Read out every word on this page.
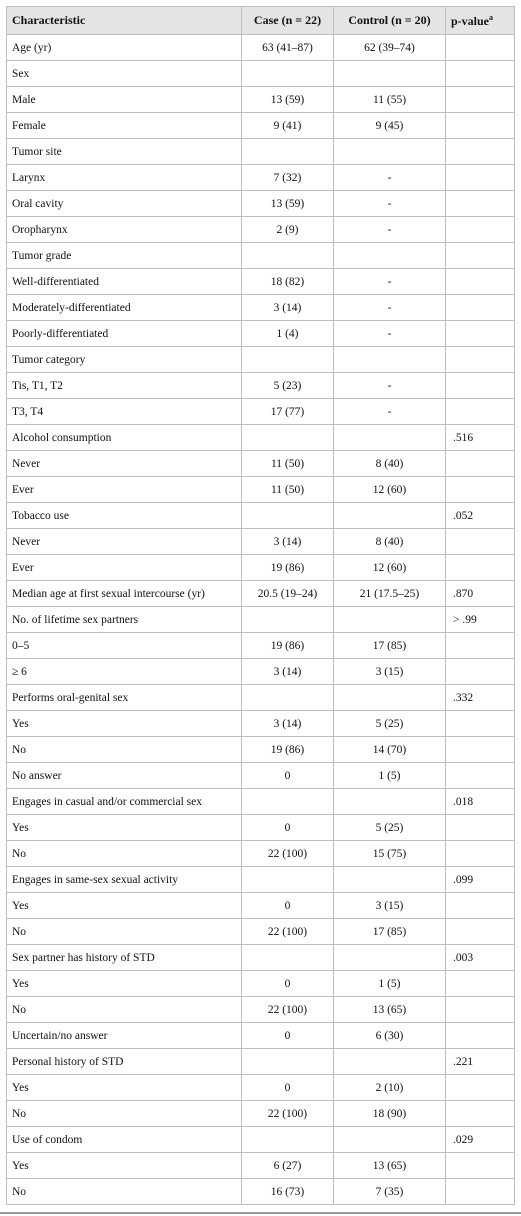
Characteristic	Case (n = 22)	Control (n = 20)	p-value$^a$
Age (yr)	63 (41–87)	62 (39–74)	
Sex			
Male	13 (59)	11 (55)	
Female	9 (41)	9 (45)	
Tumor site			
Larynx	7 (32)	-	
Oral cavity	13 (59)	-	
Oropharynx	2 (9)	-	
Tumor grade			
Well-differentiated	18 (82)	-	
Moderately-differentiated	3 (14)	-	
Poorly-differentiated	1 (4)	-	
Tumor category			
Tis, T1, T2	5 (23)	-	
T3, T4	17 (77)	-	
Alcohol consumption			.516
Never	11 (50)	8 (40)	
Ever	11 (50)	12 (60)	
Tobacco use			.052
Never	3 (14)	8 (40)	
Ever	19 (86)	12 (60)	
Median age at first sexual intercourse (yr)	20.5 (19–24)	21 (17.5–25)	.870
No. of lifetime sex partners			> .99
0–5	19 (86)	17 (85)	
≥ 6	3 (14)	3 (15)	
Performs oral-genital sex			.332
Yes	3 (14)	5 (25)	
No	19 (86)	14 (70)	
No answer	0	1 (5)	
Engages in casual and/or commercial sex			.018
Yes	0	5 (25)	
No	22 (100)	15 (75)	
Engages in same-sex sexual activity			.099
Yes	0	3 (15)	
No	22 (100)	17 (85)	
Sex partner has history of STD			.003
Yes	0	1 (5)	
No	22 (100)	13 (65)	
Uncertain/no answer	0	6 (30)	
Personal history of STD			.221
Yes	0	2 (10)	
No	22 (100)	18 (90)	
Use of condom			.029
Yes	6 (27)	13 (65)	
No	16 (73)	7 (35)	
